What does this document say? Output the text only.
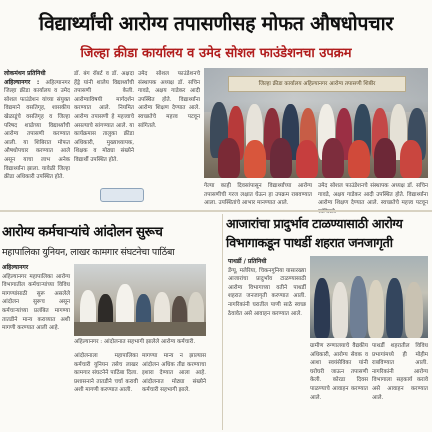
विद्यार्थ्यांची आरोग्य तपासणीसह मोफत औषधोपचार
जिल्हा क्रीडा कार्यालय व उमेद सोशल फाउंडेशनचा उपक्रम
लोकमंथन प्रतिनिधी
अहिल्यानगर : अहिल्यानगर जिल्हा क्रीडा कार्यालय व उमेद सोशल फाउंडेशन यांच्या संयुक्त विद्यमाने वसतिगृह, शासकीय खेळाडूंचे वसतिगृह व जिल्हा परिषद शाळेच्या विद्यार्थ्यांची आरोग्य तपासणी करण्यात आली. या शिबिरात मोफत औषधोपचार करण्यात आले असून याचा लाभ अनेक विद्यार्थ्यांना झाला. यावेळी जिल्हा क्रीडा अधिकारी उपस्थित होते.
डॉ. बंग रॉबर्ट व डॉ. अक्षदा हेंड्रे यांनी शालेय विद्यार्थ्यांची तपासणी केली. आरोग्याविषयी मार्गदर्शन करण्यात आले. नियमित आरोग्य तपासणी हे महत्त्वाचे असल्याचे सांगण्यात आले. या कार्यक्रमास तालुका क्रीडा अधिकारी, मुख्याध्यापक, शिक्षक व मोठ्या संख्येने विद्यार्थी उपस्थित होते.
उमेद सोशल फाउंडेशनचे संस्थापक अध्यक्ष डॉ. सचिन गावडे, अक्षय गाडेकर आदी उपस्थित होते. विद्यार्थ्यांना आरोग्य शिक्षण देण्यात आले. स्वच्छतेचे महत्त्व पटवून सांगितले.
जिल्हा क्रीडा कार्यालय अहिल्यानगर आरोग्य तपासणी शिबीर
गेल्या काही दिवसांपासून विद्यार्थ्यांच्या आरोग्य तपासणीची गरज लक्षात घेऊन हा उपक्रम राबवण्यात आला. उपस्थितांचे आभार मानण्यात आले.
उमेद सोशल फाउंडेशनचे संस्थापक अध्यक्ष डॉ. सचिन गावडे, अक्षय गाडेकर आदी उपस्थित होते. विद्यार्थ्यांना आरोग्य शिक्षण देण्यात आले. स्वच्छतेचे महत्त्व पटवून
आरोग्य कर्मचाऱ्यांचे आंदोलन सुरूच
महापालिका युनियन, लाखर कामगार संघटनेचा पाठिंबा
अहिल्यानगर
अहिल्यानगर महापालिका आरोग्य विभागातील कर्मचाऱ्यांच्या विविध मागण्यांसाठी सुरू असलेले आंदोलन सुरूच असून कर्मचाऱ्यांच्या प्रलंबित मागण्या तातडीने मान्य कराव्यात अशी मागणी करण्यात आली आहे.
अहिल्यानगर : आंदोलनात सहभागी झालेले आरोग्य कर्मचारी.
आंदोलनाला महापालिका कर्मचारी युनियन तसेच लाखर कामगार संघटनेने पाठिंबा दिला. प्रशासनाने तातडीने चर्चा करावी अशी मागणी करण्यात आली.
मागण्या मान्य न झाल्यास आंदोलन अधिक तीव्र करण्याचा इशारा देण्यात आला आहे. आंदोलनात मोठ्या संख्येने कर्मचारी सहभागी झाले.
आजारांचा प्रादुर्भाव टाळण्यासाठी आरोग्य
विभागाकडून पाथर्डी शहरात जनजागृती
पाथर्डी / प्रतिनिधी
डेंग्यू, मलेरिया, चिकनगुनिया यासारख्या आजारांचा प्रादुर्भाव टाळण्यासाठी आरोग्य विभागाच्या वतीने पाथर्डी शहरात जनजागृती करण्यात आली. नागरिकांनी घरातील पाणी साठे स्वच्छ ठेवावेत असे आवाहन करण्यात आले.
ग्रामीण रुग्णालयाचे वैद्यकीय अधिकारी, आरोग्य सेवक व आशा स्वयंसेविका यांनी घरोघरी जाऊन तपासणी केली. कोरडा दिवस पाळण्याचे आवाहन करण्यात आले.
पाथर्डी शहरातील विविध प्रभागांमध्ये ही मोहीम राबविण्यात आली. नागरिकांनी आरोग्य विभागाला सहकार्य करावे असे आवाहन करण्यात आले.
